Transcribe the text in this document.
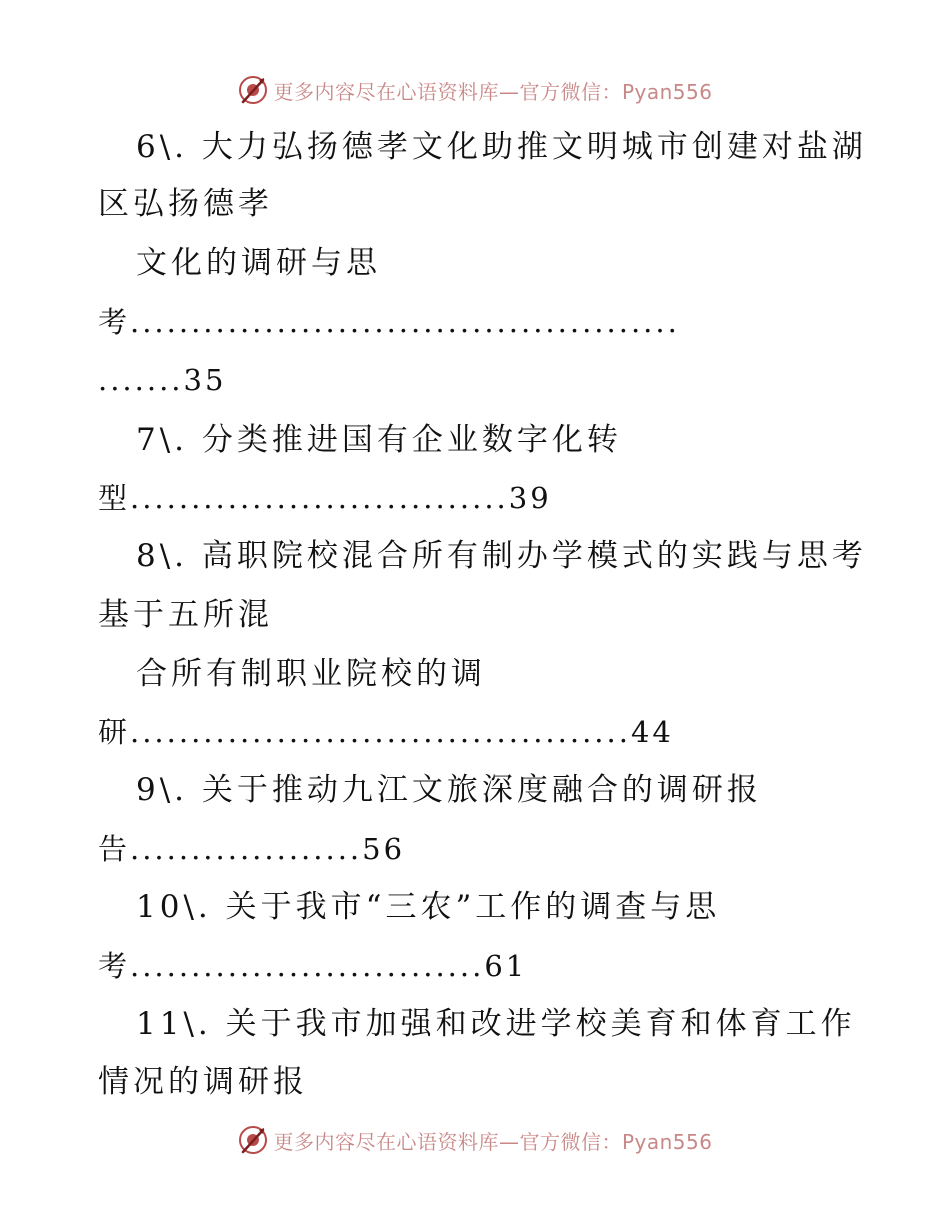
更多内容尽在心语资料库—官方微信：Pyan556
6\. 大力弘扬德孝文化助推文明城市创建对盐湖
区弘扬德孝
文化的调研与思
考.............................................
.......35
7\. 分类推进国有企业数字化转
型...............................39
8\. 高职院校混合所有制办学模式的实践与思考
基于五所混
合所有制职业院校的调
研.........................................44
9\. 关于推动九江文旅深度融合的调研报
告...................56
10\. 关于我市“三农”工作的调查与思
考.............................61
11\. 关于我市加强和改进学校美育和体育工作
情况的调研报
更多内容尽在心语资料库—官方微信：Pyan556
